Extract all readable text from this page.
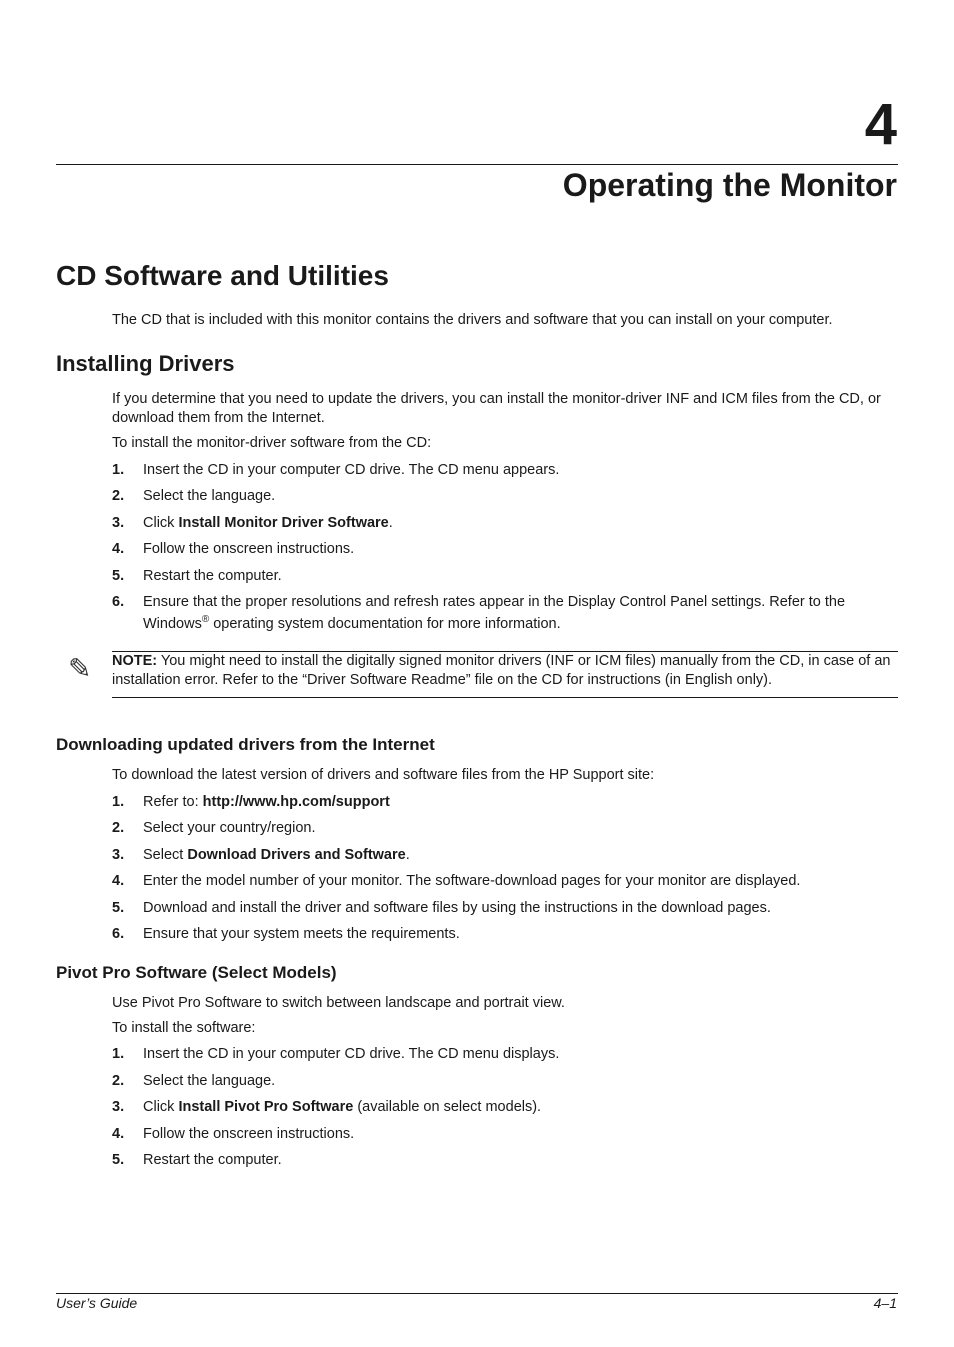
4
Operating the Monitor
CD Software and Utilities

The CD that is included with this monitor contains the drivers and software that you can install on your computer.

Installing Drivers

If you determine that you need to update the drivers, you can install the monitor-driver INF and ICM files from the CD, or download them from the Internet.

To install the monitor-driver software from the CD:

1. Insert the CD in your computer CD drive. The CD menu appears.
2. Select the language.
3. Click Install Monitor Driver Software.
4. Follow the onscreen instructions.
5. Restart the computer.
6. Ensure that the proper resolutions and refresh rates appear in the Display Control Panel settings. Refer to the
Windows® operating system documentation for more information.
✎ NOTE: You might need to install the digitally signed monitor drivers (INF or ICM files) manually from the CD, in case of an installation error. Refer to the “Driver Software Readme” file on the CD for instructions (in English only).

Downloading updated drivers from the Internet

To download the latest version of drivers and software files from the HP Support site:

1. Refer to: http://www.hp.com/support
2. Select your country/region.
3. Select Download Drivers and Software.
4. Enter the model number of your monitor. The software-download pages for your monitor are displayed.
5. Download and install the driver and software files by using the instructions in the download pages.
6. Ensure that your system meets the requirements.
Pivot Pro Software (Select Models)

Use Pivot Pro Software to switch between landscape and portrait view.

To install the software:

1. Insert the CD in your computer CD drive. The CD menu displays.
2. Select the language.
3. Click Install Pivot Pro Software (available on select models).
4. Follow the onscreen instructions.
5. Restart the computer.
User’s Guide	4–1
